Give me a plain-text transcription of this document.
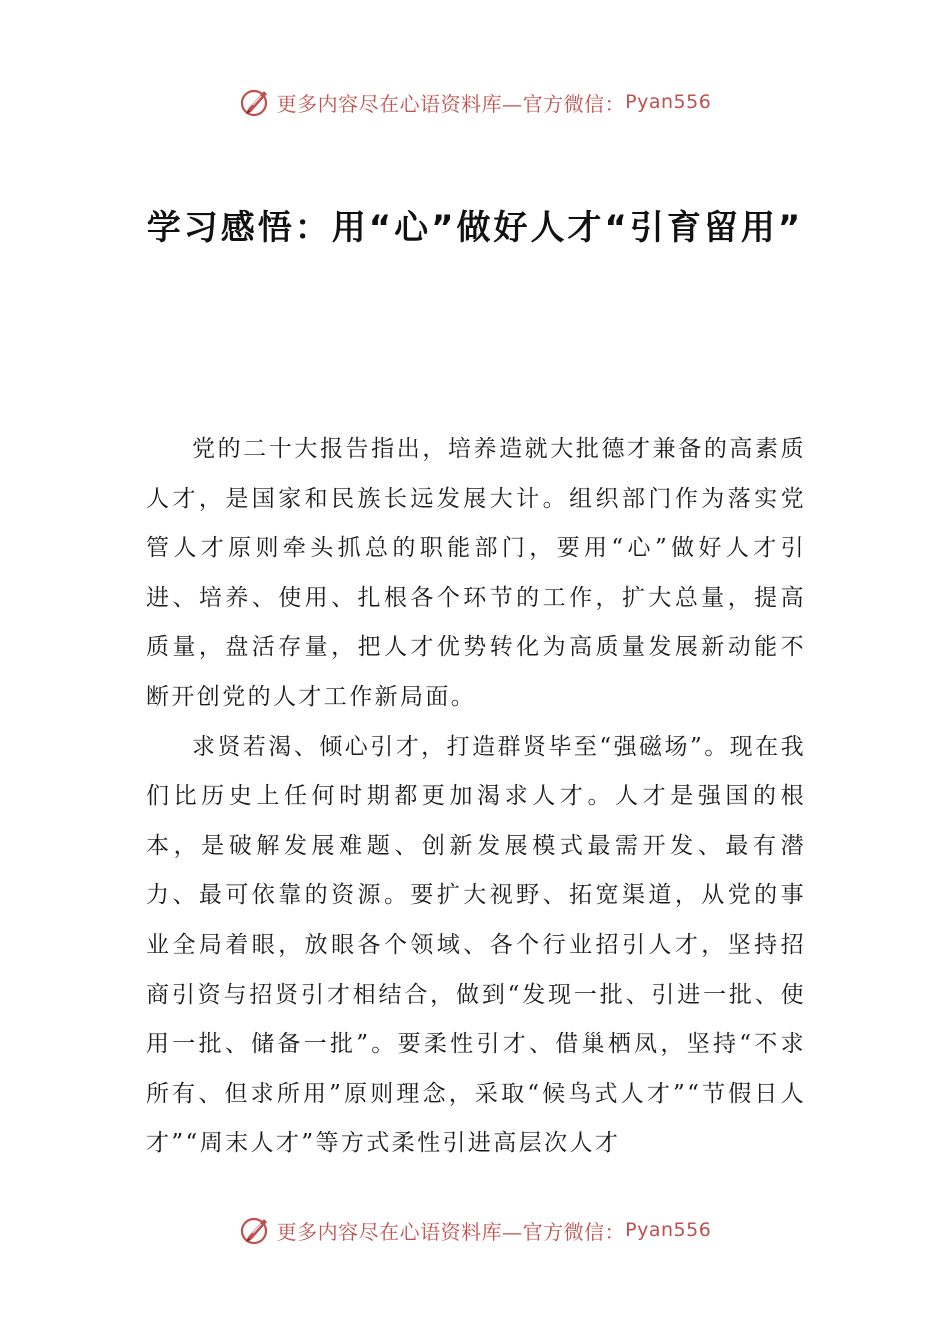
更多内容尽在心语资料库—官方微信： Pyan556
学习感悟：用“心”做好人才“引育留用”

党的二十大报告指出，培养造就大批德才兼备的高素质人才，是国家和民族长远发展大计。组织部门作为落实党管人才原则牵头抓总的职能部门，要用“心”做好人才引进、培养、使用、扎根各个环节的工作，扩大总量，提高质量，盘活存量，把人才优势转化为高质量发展新动能不断开创党的人才工作新局面。

求贤若渴、倾心引才，打造群贤毕至“强磁场”。现在我们比历史上任何时期都更加渴求人才。人才是强国的根本，是破解发展难题、创新发展模式最需开发、最有潜力、最可依靠的资源。要扩大视野、拓宽渠道，从党的事业全局着眼，放眼各个领域、各个行业招引人才，坚持招商引资与招贤引才相结合，做到“发现一批、引进一批、使用一批、储备一批”。要柔性引才、借巢栖凤，坚持“不求所有、但求所用”原则理念，采取“候鸟式人才”“节假日人才”“周末人才”等方式柔性引进高层次人才

更多内容尽在心语资料库—官方微信： Pyan556
